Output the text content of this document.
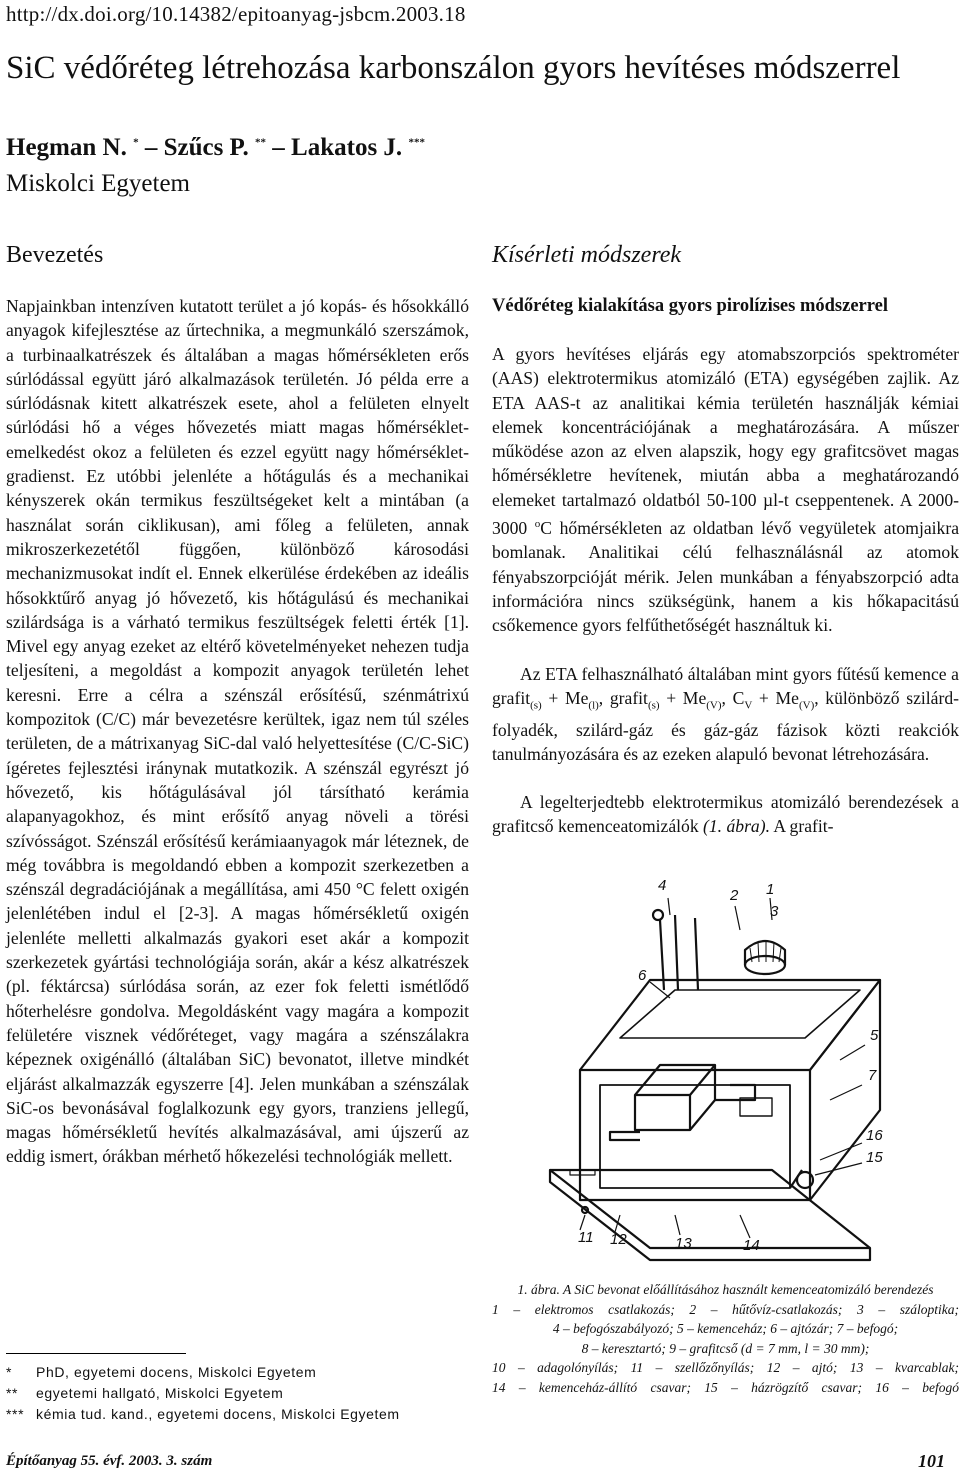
http://dx.doi.org/10.14382/epitoanyag-jsbcm.2003.18
SiC védőréteg létrehozása karbonszálon gyors hevítéses módszerrel
Hegman N. * – Szűcs P. ** – Lakatos J. ***
Miskolci Egyetem
Bevezetés

Napjainkban intenzíven kutatott terület a jó kopás- és hősokkálló anyagok kifejlesztése az űrtechnika, a megmunkáló szerszámok, a turbinaalkatrészek és általában a magas hőmérsékleten erős súrlódással együtt járó alkalmazások területén. Jó példa erre a súrlódásnak kitett alkatrészek esete, ahol a felületen elnyelt súrlódási hő a véges hővezetés miatt magas hőmérséklet-emelkedést okoz a felületen és ezzel együtt nagy hőmérséklet-gradienst. Ez utóbbi jelenléte a hőtágulás és a mechanikai kényszerek okán termikus feszültségeket kelt a mintában (a használat során ciklikusan), ami főleg a felületen, annak mikroszerkezetétől függően, különböző károsodási mechanizmusokat indít el. Ennek elkerülése érdekében az ideális hősokktűrő anyag jó hővezető, kis hőtágulású és mechanikai szilárdsága is a várható termikus feszültségek feletti érték [1]. Mivel egy anyag ezeket az eltérő követelményeket nehezen tudja teljesíteni, a megoldást a kompozit anyagok területén lehet keresni. Erre a célra a szénszál erősítésű, szénmátrixú kompozitok (C/C) már bevezetésre kerültek, igaz nem túl széles területen, de a mátrixanyag SiC-dal való helyettesítése (C/C-SiC) ígéretes fejlesztési iránynak mutatkozik. A szénszál egyrészt jó hővezető, kis hőtágulásával jól társítható kerámia alapanyagokhoz, és mint erősítő anyag növeli a törési szívósságot. Szénszál erősítésű kerámiaanyagok már léteznek, de még továbbra is megoldandó ebben a kompozit szerkezetben a szénszál degradációjának a megállítása, ami 450 °C felett oxigén jelenlétében indul el [2-3]. A magas hőmérsékletű oxigén jelenléte melletti alkalmazás gyakori eset akár a kompozit szerkezetek gyártási technológiája során, akár a kész alkatrészek (pl. féktárcsa) súrlódása során, az ezer fok feletti ismétlődő hőterhelésre gondolva. Megoldásként vagy magára a kompozit felületére visznek védőréteget, vagy magára a szénszálakra képeznek oxigénálló (általában SiC) bevonatot, illetve mindkét eljárást alkalmazzák egyszerre [4]. Jelen munkában a szénszálak SiC-os bevonásával foglalkozunk egy gyors, tranziens jellegű, magas hőmérsékletű hevítés alkalmazásával, ami újszerű az eddig ismert, órákban mérhető hőkezelési technológiák mellett.

* PhD, egyetemi docens, Miskolci Egyetem
** egyetemi hallgató, Miskolci Egyetem
*** kémia tud. kand., egyetemi docens, Miskolci Egyetem
Kísérleti módszerek
Védőréteg kialakítása gyors pirolízises módszerrel

A gyors hevítéses eljárás egy atomabszorpciós spektrométer (AAS) elektrotermikus atomizáló (ETA) egységében zajlik. Az ETA AAS-t az analitikai kémia területén használják kémiai elemek koncentrációjának a meghatározására. A műszer működése azon az elven alapszik, hogy egy grafitcsövet magas hőmérsékletre hevítenek, miután abba a meghatározandó elemeket tartalmazó oldatból 50-100 µl-t cseppentenek. A 2000-3000 $^o$C hőmérsékleten az oldatban lévő vegyületek atomjaikra bomlanak. Analitikai célú felhasználásnál az atomok fényabszorpcióját mérik. Jelen munkában a fényabszorpció adta információra nincs szükségünk, hanem a kis hőkapacitású csőkemence gyors felfűthetőségét használtuk ki.

Az ETA felhasználható általában mint gyors fűtésű kemence a grafit$_{(s)}$ + $Me_{(l)}$, grafit$_{(s)}$ + $Me_{(V)}$, $C_V + Me_{(V)}$, különböző szilárd-folyadék, szilárd-gáz és gáz-gáz fázisok közti reakciók tanulmányozására és az ezeken alapuló bevonat létrehozására.

A legelterjedtebb elektrotermikus atomizáló berendezések a grafitcső kemenceatomizálók (1. ábra). A grafit-

4
2 1
3
6
5
7
16
15
11 12	13	14
1. ábra. A SiC bevonat előállításához használt kemenceatomizáló berendezés
1 – elektromos csatlakozás; 2 – hűtővíz-csatlakozás; 3 – száloptika;
4 – befogószabályozó; 5 – kemenceház; 6 – ajtózár; 7 – befogó;
8 – keresztartó; 9 – grafitcső (d = 7 mm, l = 30 mm);
10 – adagolónyílás; 11 – szellőzőnyílás; 12 – ajtó; 13 – kvarcablak;
14 – kemenceház-állító csavar; 15 – házrögzítő csavar; 16 – befogó
Építőanyag 55. évf. 2003. 3. szám	101
